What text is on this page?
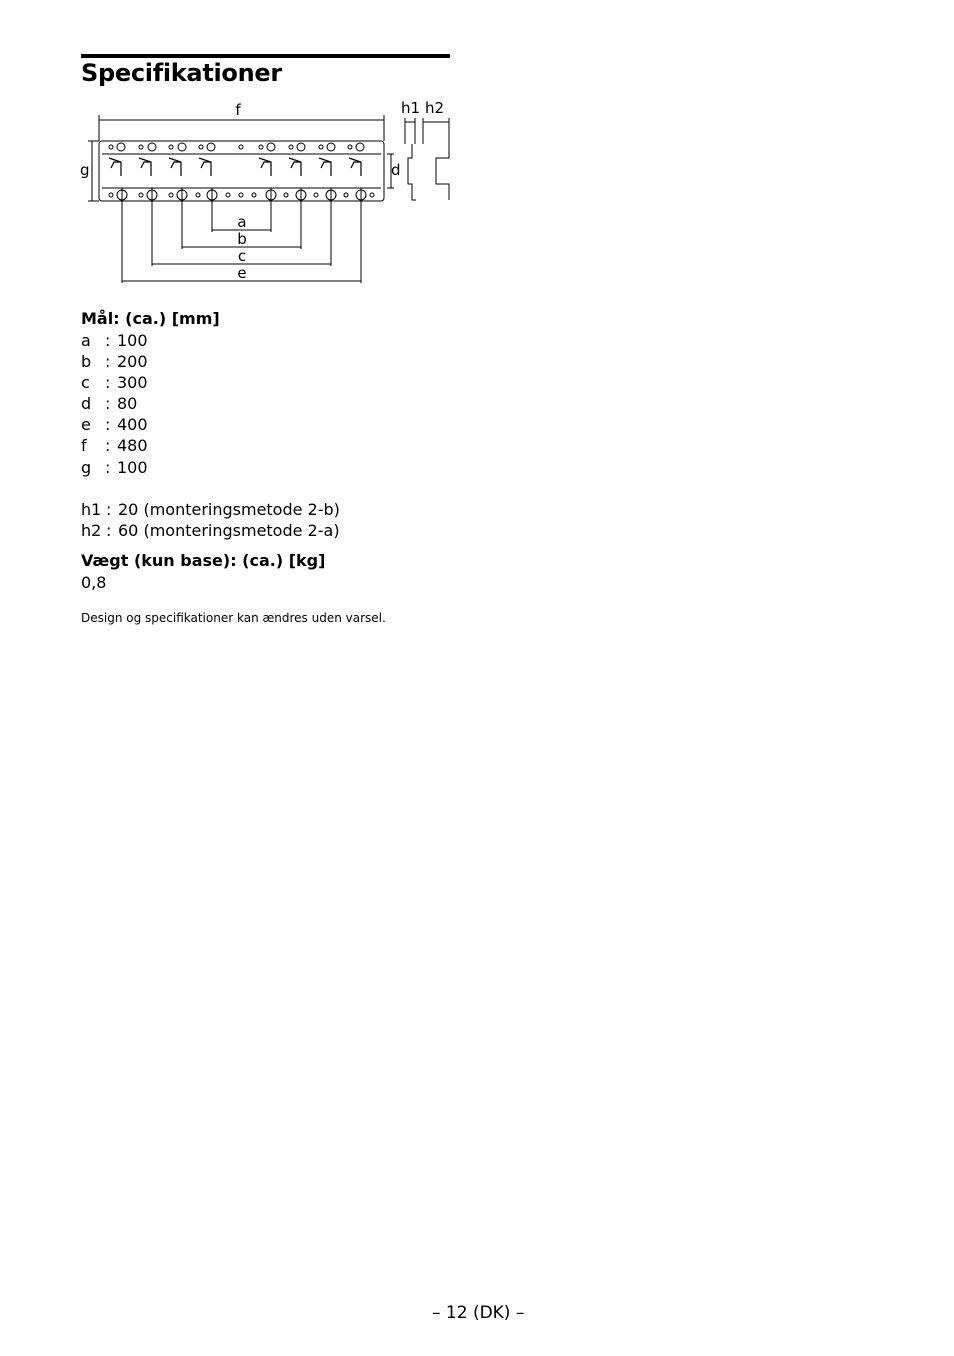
Specifikationer
f
g	d
h1 h2
a
b
c
e
Mål: (ca.) [mm]
a : 100
b : 200
c : 300
d : 80
e : 400
f : 480
g : 100
h1 : 20 (monteringsmetode 2-b)
h2 : 60 (monteringsmetode 2-a)
Vægt (kun base): (ca.) [kg]
0,8
Design og specifikationer kan ændres uden varsel.
– 12 (DK) –
